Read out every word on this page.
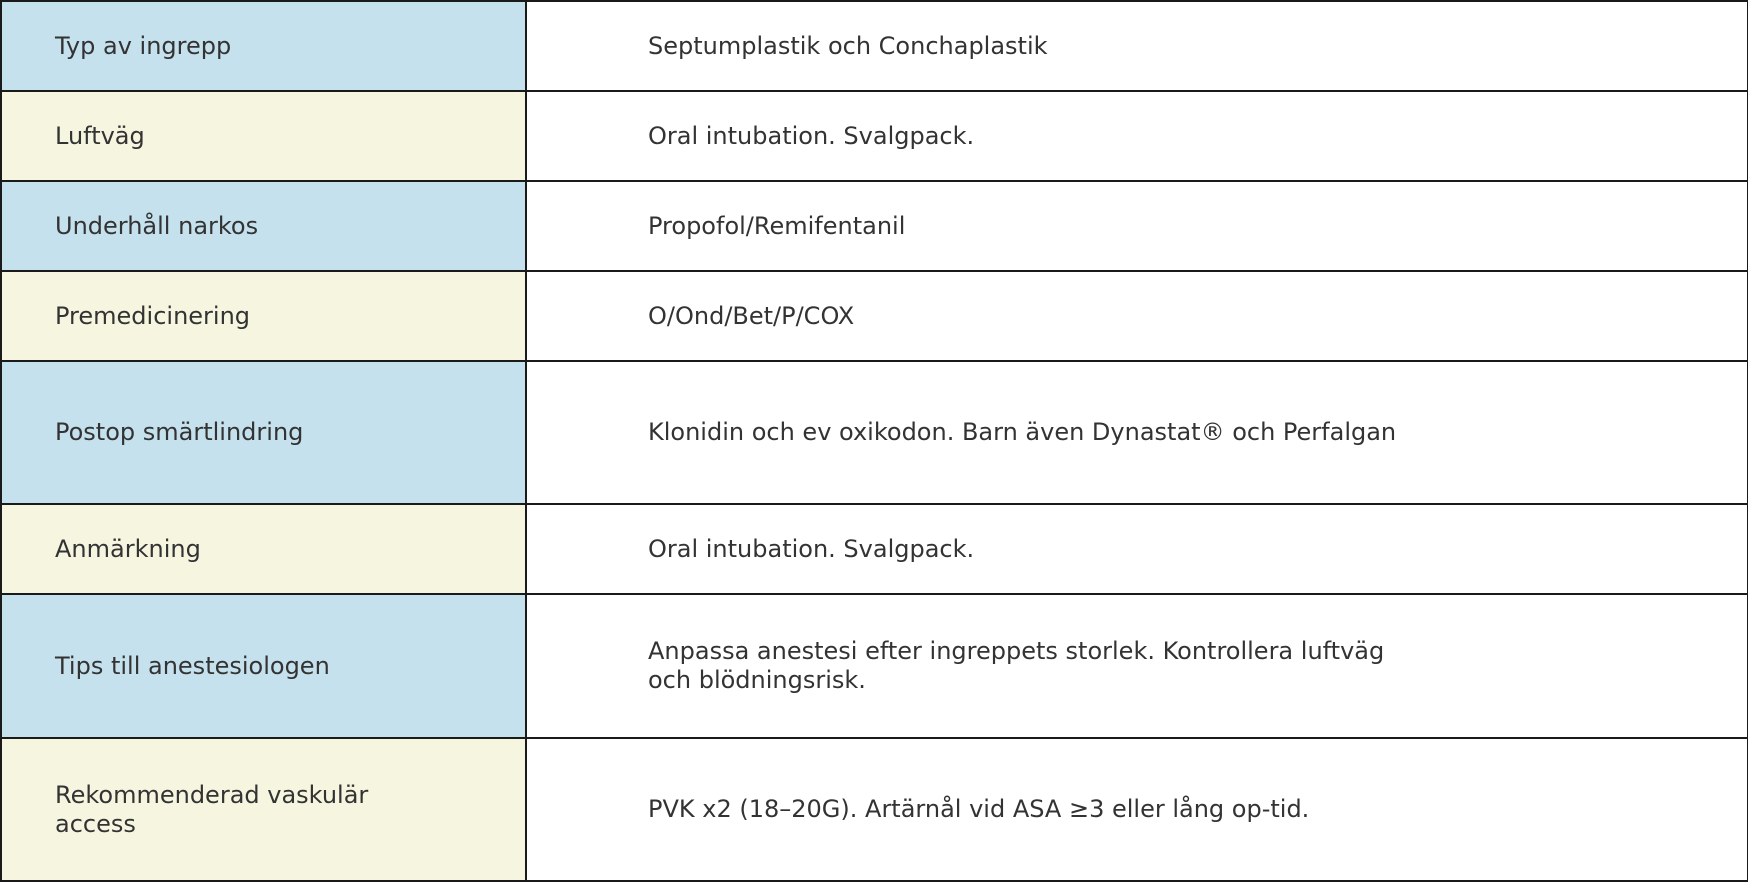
Typ av ingrepp	Septumplastik och Conchaplastik

Luftväg	Oral intubation. Svalgpack.

Underhåll narkos	Propofol/Remifentanil

Premedicinering	O/Ond/Bet/P/COX

Postop smärtlindring	Klonidin och ev oxikodon. Barn även Dynastat® och Perfalgan

Anmärkning	Oral intubation. Svalgpack.

Tips till anestesiologen	Anpassa anestesi efter ingreppets storlek. Kontrollera luftväg och blödningsrisk.

Rekommenderad vaskulär access	PVK x2 (18–20G). Artärnål vid ASA ≥3 eller lång op-tid.
